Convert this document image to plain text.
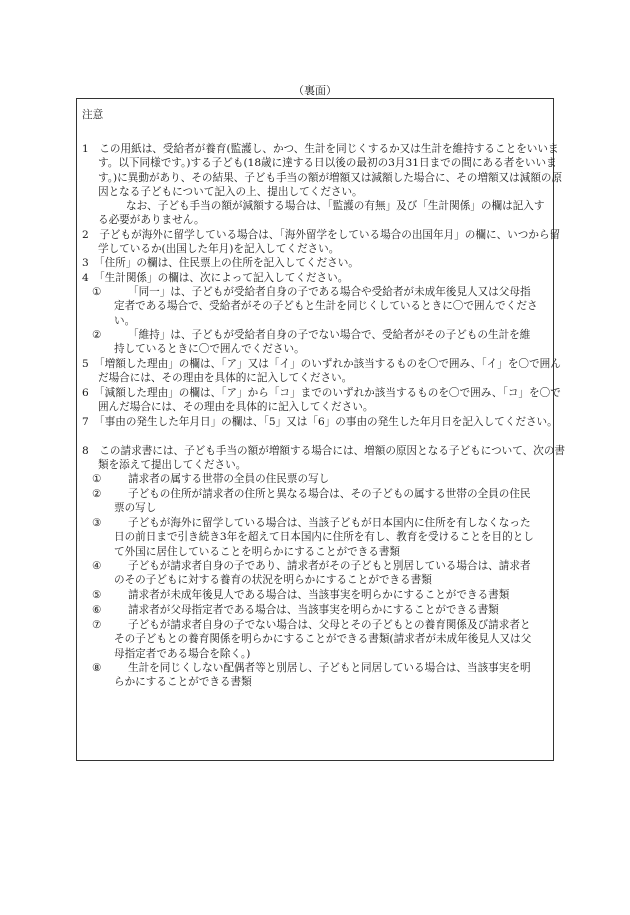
（裏面）
注意

1　この用紙は、受給者が養育(監護し、かつ、生計を同じくするか又は生計を維持することをいいます。以下同様です。)する子ども(18歳に達する日以後の最初の3月31日までの間にある者をいいます。)に異動があり、その結果、子ども手当の額が増額又は減額した場合に、その増額又は減額の原因となる子どもについて記入の上、提出してください。

なお、子ども手当の額が減額する場合は、「監護の有無」及び「生計関係」の欄は記入する必要がありません。

2　子どもが海外に留学している場合は、「海外留学をしている場合の出国年月」の欄に、いつから留学しているか(出国した年月)を記入してください。

3　「住所」の欄は、住民票上の住所を記入してください。

4　「生計関係」の欄は、次によって記入してください。

①	「同一」は、子どもが受給者自身の子である場合や受給者が未成年後見人又は父母指定者である場合で、受給者がその子どもと生計を同じくしているときに〇で囲んでください。
②	「維持」は、子どもが受給者自身の子でない場合で、受給者がその子どもの生計を維持しているときに〇で囲んでください。

5　「増額した理由」の欄は、「ア」又は「イ」のいずれか該当するものを〇で囲み、「イ」を〇で囲んだ場合には、その理由を具体的に記入してください。

6　「減額した理由」の欄は、「ア」から「コ」までのいずれか該当するものを〇で囲み、「コ」を〇で囲んだ場合には、その理由を具体的に記入してください。

7　「事由の発生した年月日」の欄は、「5」又は「6」の事由の発生した年月日を記入してください。

8　この請求書には、子ども手当の額が増額する場合には、増額の原因となる子どもについて、次の書類を添えて提出してください。

①	請求者の属する世帯の全員の住民票の写し
②	子どもの住所が請求者の住所と異なる場合は、その子どもの属する世帯の全員の住民票の写し
③	子どもが海外に留学している場合は、当該子どもが日本国内に住所を有しなくなった日の前日まで引き続き3年を超えて日本国内に住所を有し、教育を受けることを目的として外国に居住していることを明らかにすることができる書類
④	子どもが請求者自身の子であり、請求者がその子どもと別居している場合は、請求者のその子どもに対する養育の状況を明らかにすることができる書類
⑤	請求者が未成年後見人である場合は、当該事実を明らかにすることができる書類
⑥	請求者が父母指定者である場合は、当該事実を明らかにすることができる書類
⑦	子どもが請求者自身の子でない場合は、父母とその子どもとの養育関係及び請求者とその子どもとの養育関係を明らかにすることができる書類(請求者が未成年後見人又は父母指定者である場合を除く。)
⑧	生計を同じくしない配偶者等と別居し、子どもと同居している場合は、当該事実を明らかにすることができる書類
